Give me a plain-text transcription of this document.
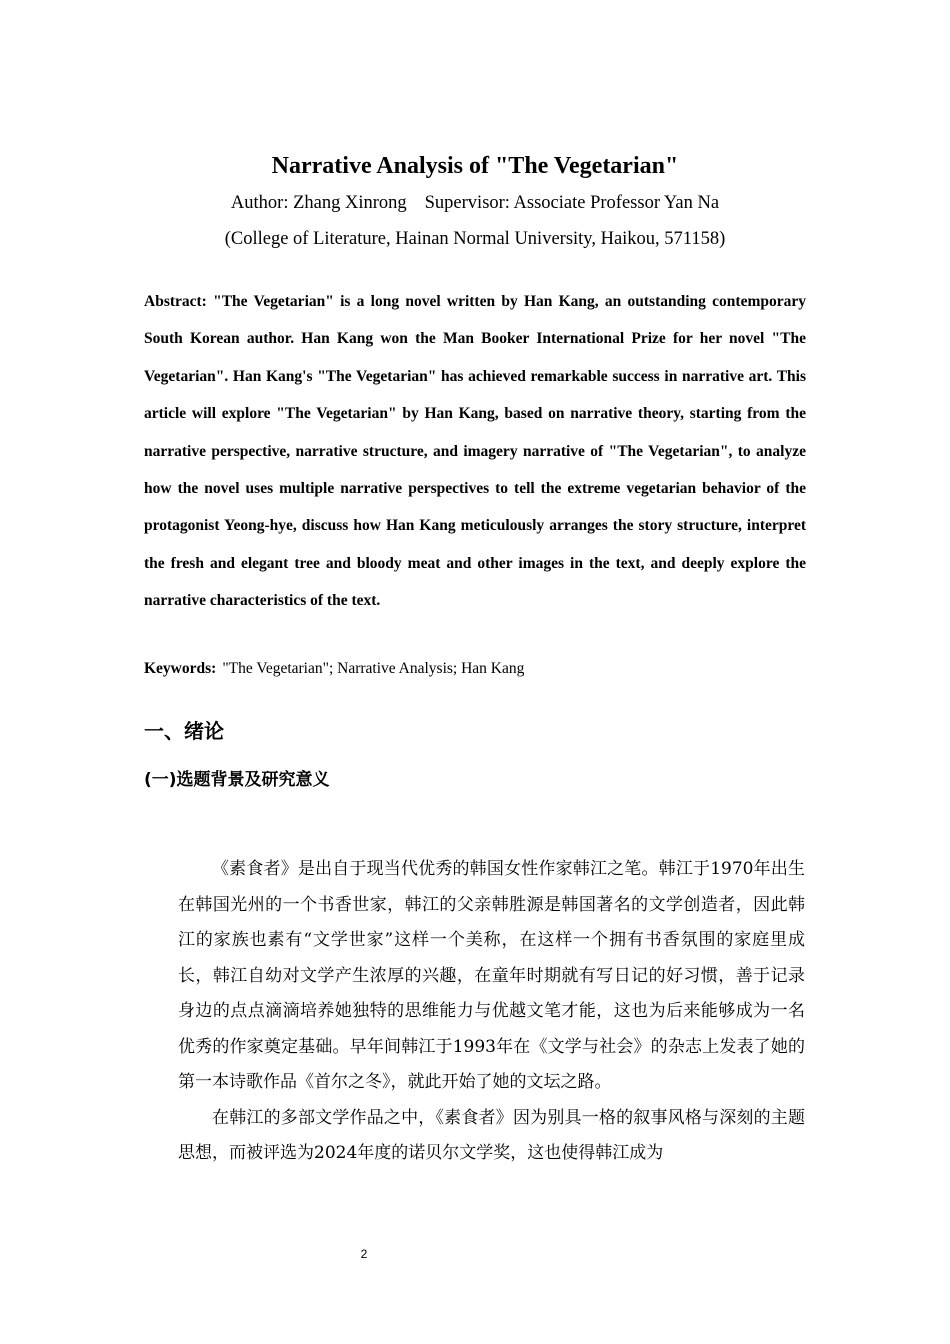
Narrative Analysis of "The Vegetarian"
Author: Zhang Xinrong Supervisor: Associate Professor Yan Na
(College of Literature, Hainan Normal University, Haikou, 571158)
Abstract: "The Vegetarian" is a long novel written by Han Kang, an outstanding contemporary South Korean author. Han Kang won the Man Booker International Prize for her novel "The Vegetarian". Han Kang's "The Vegetarian" has achieved remarkable success in narrative art. This article will explore "The Vegetarian" by Han Kang, based on narrative theory, starting from the narrative perspective, narrative structure, and imagery narrative of "The Vegetarian", to analyze how the novel uses multiple narrative perspectives to tell the extreme vegetarian behavior of the protagonist Yeong-hye, discuss how Han Kang meticulously arranges the story structure, interpret the fresh and elegant tree and bloody meat and other images in the text, and deeply explore the narrative characteristics of the text.
Keywords: "The Vegetarian"; Narrative Analysis; Han Kang
一、绪论
(一)选题背景及研究意义

《素食者》是出自于现当代优秀的韩国女性作家韩江之笔。韩江于1970年出生在韩国光州的一个书香世家，韩江的父亲韩胜源是韩国著名的文学创造者，因此韩江的家族也素有“文学世家”这样一个美称，在这样一个拥有书香氛围的家庭里成长，韩江自幼对文学产生浓厚的兴趣，在童年时期就有写日记的好习惯，善于记录身边的点点滴滴培养她独特的思维能力与优越文笔才能，这也为后来能够成为一名优秀的作家奠定基础。早年间韩江于1993年在《文学与社会》的杂志上发表了她的第一本诗歌作品《首尔之冬》，就此开始了她的文坛之路。

在韩江的多部文学作品之中，《素食者》因为别具一格的叙事风格与深刻的主题思想，而被评选为2024年度的诺贝尔文学奖，这也使得韩江成为

2
